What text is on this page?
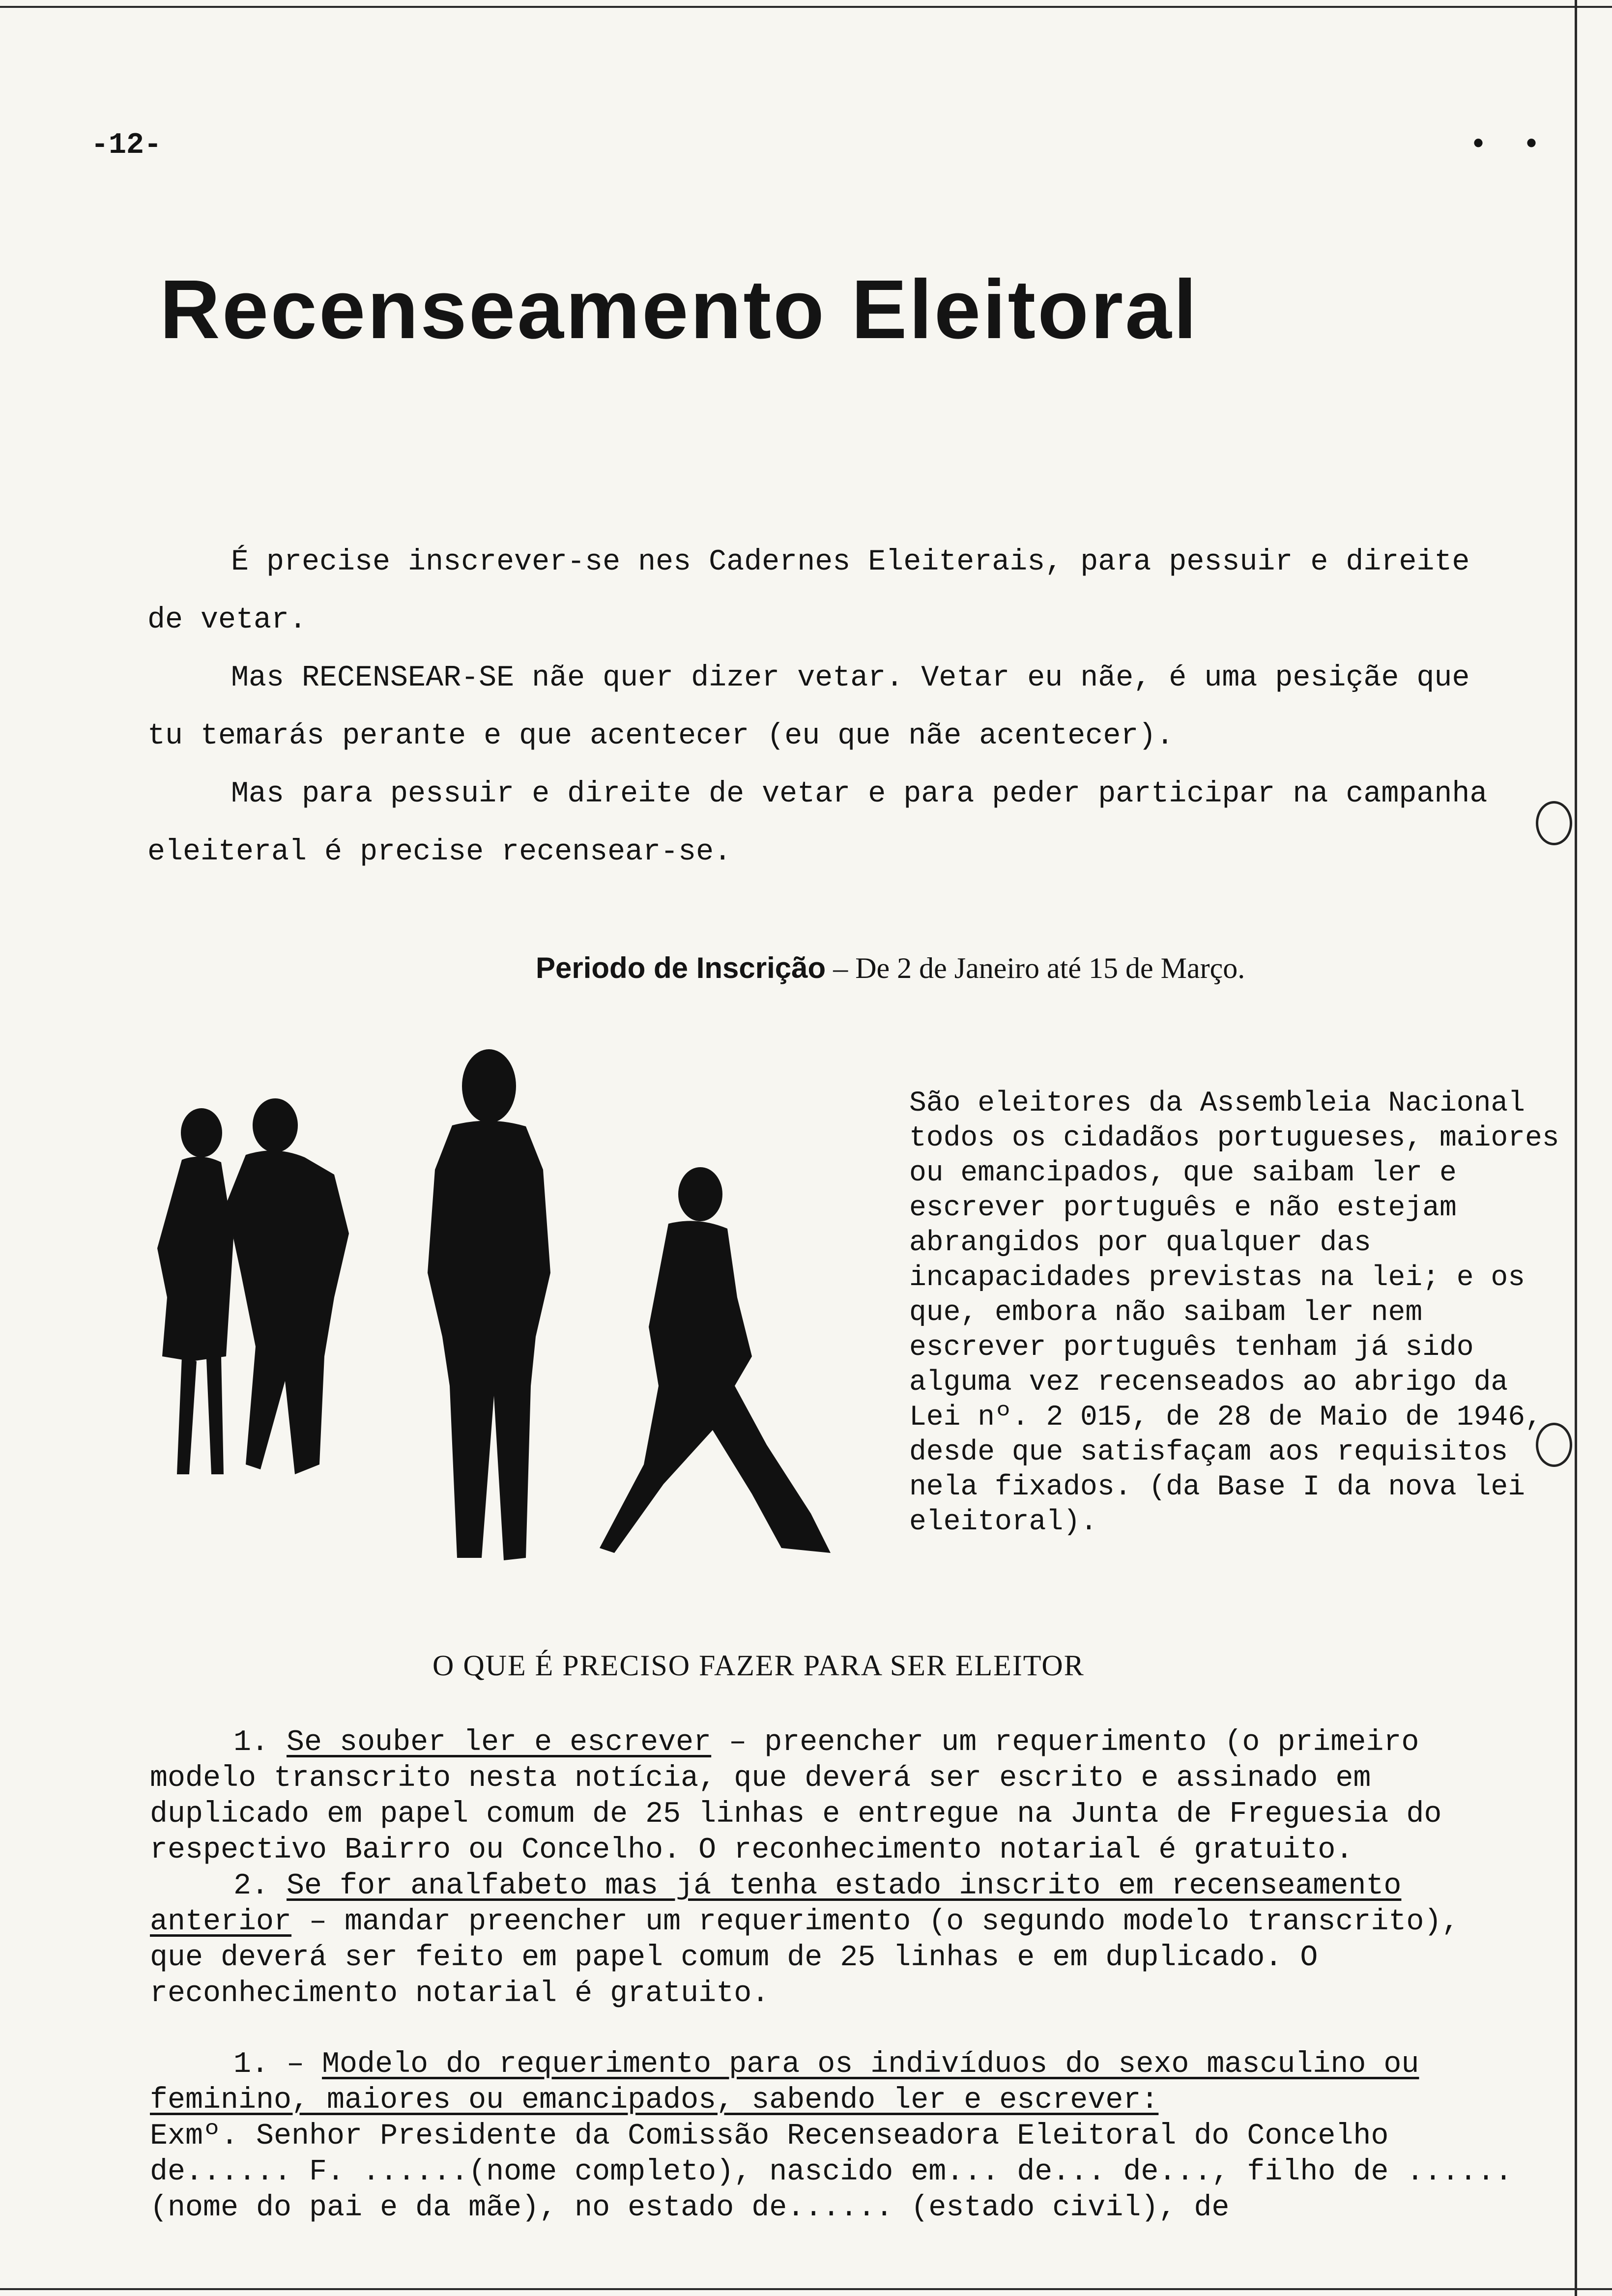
-12-	• •
Recenseamento Eleitoral

É precise inscrever-se nes Cadernes Eleiterais, para pessuir e direite de vetar.

Mas RECENSEAR-SE nãe quer dizer vetar. Vetar eu nãe, é uma pesiçãe que tu temarás perante e que acentecer (eu que nãe acentecer).

Mas para pessuir e direite de vetar e para peder participar na campanha eleiteral é precise recensear-se.

Periodo de Inscrição – De 2 de Janeiro até 15 de Março.
São eleitores da Assembleia Nacional todos os cidadãos portugueses, maiores ou emancipados, que saibam ler e escrever português e não estejam abrangidos por qualquer das incapacidades previstas na lei; e os que, embora não saibam ler nem escrever português tenham já sido alguma vez recenseados ao abrigo da Lei nº. 2 015, de 28 de Maio de 1946, desde que satisfaçam aos requisitos nela fixados. (da Base I da nova lei eleitoral).
O QUE É PRECISO FAZER PARA SER ELEITOR

1. Se souber ler e escrever – preencher um requerimento (o primeiro modelo transcrito nesta notícia, que deverá ser escrito e assinado em duplicado em papel comum de 25 linhas e entregue na Junta de Freguesia do respectivo Bairro ou Concelho. O reconhecimento notarial é gratuito.

2. Se for analfabeto mas já tenha estado inscrito em recenseamento anterior – mandar preencher um requerimento (o segundo modelo transcrito), que deverá ser feito em papel comum de 25 linhas e em duplicado. O reconhecimento notarial é gratuito.

1. – Modelo do requerimento para os indivíduos do sexo masculino ou feminino, maiores ou emancipados, sabendo ler e escrever:

Exmº. Senhor Presidente da Comissão Recenseadora Eleitoral do Concelho de...... F. ......(nome completo), nascido em... de... de..., filho de ...... (nome do pai e da mãe), no estado de...... (estado civil), de
